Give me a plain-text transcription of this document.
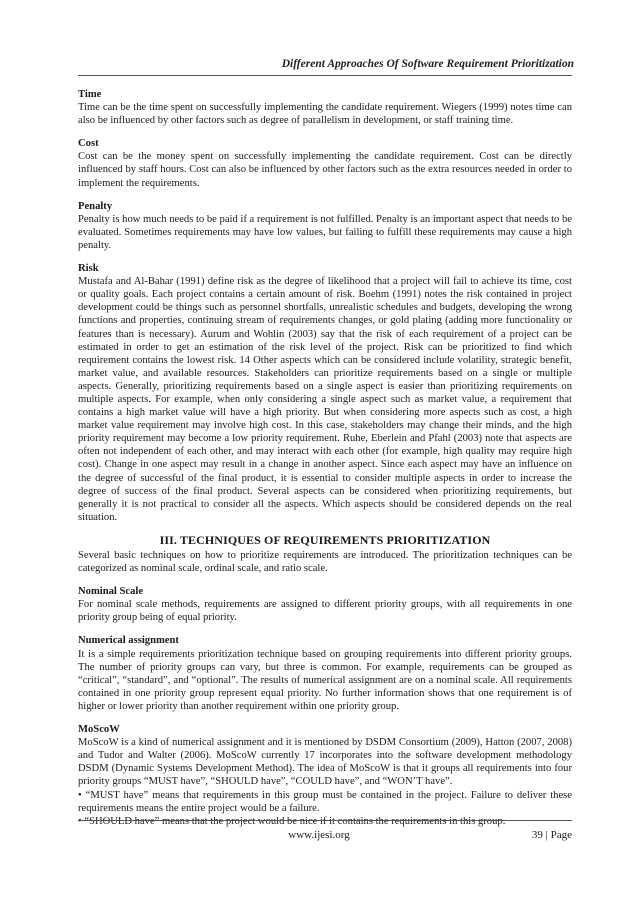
Different Approaches Of Software Requirement Prioritization
Time

Time can be the time spent on successfully implementing the candidate requirement. Wiegers (1999) notes time can also be influenced by other factors such as degree of parallelism in development, or staff training time.

Cost

Cost can be the money spent on successfully implementing the candidate requirement. Cost can be directly influenced by staff hours. Cost can also be influenced by other factors such as the extra resources needed in order to implement the requirements.

Penalty

Penalty is how much needs to be paid if a requirement is not fulfilled. Penalty is an important aspect that needs to be evaluated. Sometimes requirements may have low values, but failing to fulfill these requirements may cause a high penalty.

Risk

Mustafa and Al-Bahar (1991) define risk as the degree of likelihood that a project will fail to achieve its time, cost or quality goals. Each project contains a certain amount of risk. Boehm (1991) notes the risk contained in project development could be things such as personnel shortfalls, unrealistic schedules and budgets, developing the wrong functions and properties, continuing stream of requirements changes, or gold plating (adding more functionality or features than is necessary). Aurum and Wohlin (2003) say that the risk of each requirement of a project can be estimated in order to get an estimation of the risk level of the project. Risk can be prioritized to find which requirement contains the lowest risk. 14 Other aspects which can be considered include volatility, strategic benefit, market value, and available resources. Stakeholders can prioritize requirements based on a single or multiple aspects. Generally, prioritizing requirements based on a single aspect is easier than prioritizing requirements on multiple aspects. For example, when only considering a single aspect such as market value, a requirement that contains a high market value will have a high priority. But when considering more aspects such as cost, a high market value requirement may involve high cost. In this case, stakeholders may change their minds, and the high priority requirement may become a low priority requirement. Ruhe, Eberlein and Pfahl (2003) note that aspects are often not independent of each other, and may interact with each other (for example, high quality may require high cost). Change in one aspect may result in a change in another aspect. Since each aspect may have an influence on the degree of successful of the final product, it is essential to consider multiple aspects in order to increase the degree of success of the final product. Several aspects can be considered when prioritizing requirements, but generally it is not practical to consider all the aspects. Which aspects should be considered depends on the real situation.

III. TECHNIQUES OF REQUIREMENTS PRIORITIZATION

Several basic techniques on how to prioritize requirements are introduced. The prioritization techniques can be categorized as nominal scale, ordinal scale, and ratio scale.

Nominal Scale

For nominal scale methods, requirements are assigned to different priority groups, with all requirements in one priority group being of equal priority.

Numerical assignment

It is a simple requirements prioritization technique based on grouping requirements into different priority groups. The number of priority groups can vary, but three is common. For example, requirements can be grouped as “critical”, “standard”, and “optional”. The results of numerical assignment are on a nominal scale. All requirements contained in one priority group represent equal priority. No further information shows that one requirement is of higher or lower priority than another requirement within one priority group.

MoScoW

MoScoW is a kind of numerical assignment and it is mentioned by DSDM Consortium (2009), Hatton (2007, 2008) and Tudor and Walter (2006). MoScoW currently 17 incorporates into the software development methodology DSDM (Dynamic Systems Development Method). The idea of MoScoW is that it groups all requirements into four priority groups “MUST have”, “SHOULD have”, “COULD have”, and “WON’T have”.

• “MUST have” means that requirements in this group must be contained in the project. Failure to deliver these requirements means the entire project would be a failure.

• “SHOULD have” means that the project would be nice if it contains the requirements in this group.

www.ijesi.org	39 | Page
